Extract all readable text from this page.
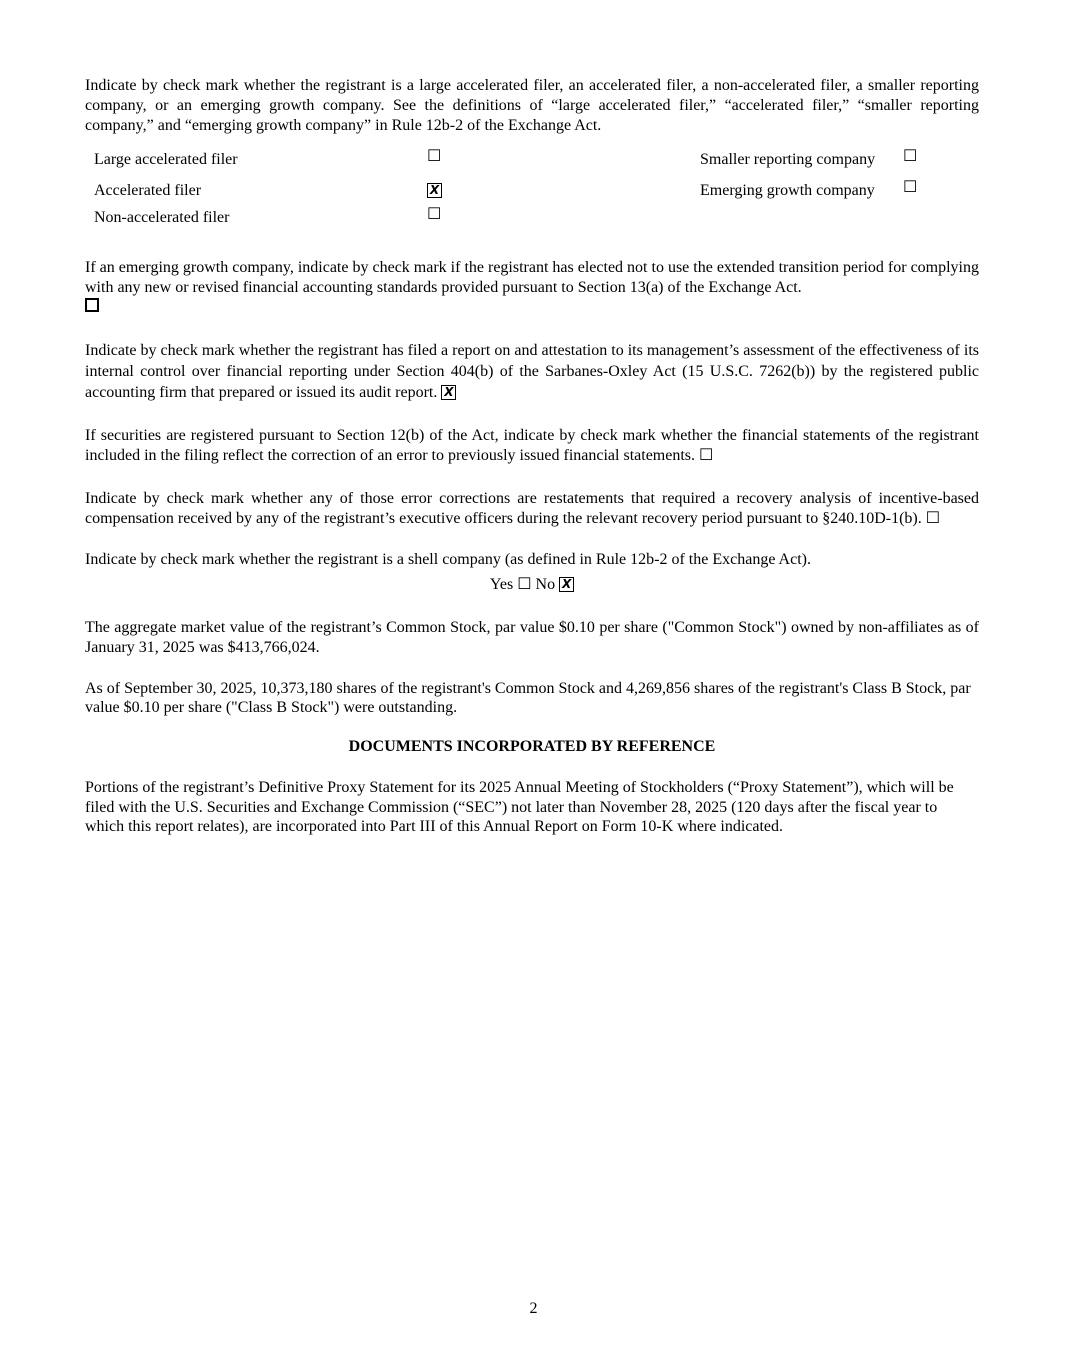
Indicate by check mark whether the registrant is a large accelerated filer, an accelerated filer, a non-accelerated filer, a smaller reporting company, or an emerging growth company. See the definitions of “large accelerated filer,” “accelerated filer,” “smaller reporting company,” and “emerging growth company” in Rule 12b-2 of the Exchange Act.

Large accelerated filer	☐	Smaller reporting company ☐
Accelerated filer	X	Emerging growth company ☐
Non-accelerated filer	☐

If an emerging growth company, indicate by check mark if the registrant has elected not to use the extended transition period for complying with any new or revised financial accounting standards provided pursuant to Section 13(a) of the Exchange Act.

Indicate by check mark whether the registrant has filed a report on and attestation to its management’s assessment of the effectiveness of its internal control over financial reporting under Section 404(b) of the Sarbanes-Oxley Act (15 U.S.C. 7262(b)) by the registered public accounting firm that prepared or issued its audit report. X

If securities are registered pursuant to Section 12(b) of the Act, indicate by check mark whether the financial statements of the registrant included in the filing reflect the correction of an error to previously issued financial statements. ☐

Indicate by check mark whether any of those error corrections are restatements that required a recovery analysis of incentive-based compensation received by any of the registrant’s executive officers during the relevant recovery period pursuant to §240.10D-1(b). ☐

Indicate by check mark whether the registrant is a shell company (as defined in Rule 12b-2 of the Exchange Act).

Yes ☐ No X

The aggregate market value of the registrant’s Common Stock, par value $0.10 per share ("Common Stock") owned by non-affiliates as of January 31, 2025 was $413,766,024.

As of September 30, 2025, 10,373,180 shares of the registrant's Common Stock and 4,269,856 shares of the registrant's Class B Stock, par value $0.10 per share ("Class B Stock") were outstanding.

DOCUMENTS INCORPORATED BY REFERENCE

Portions of the registrant’s Definitive Proxy Statement for its 2025 Annual Meeting of Stockholders (“Proxy Statement”), which will be filed with the U.S. Securities and Exchange Commission (“SEC”) not later than November 28, 2025 (120 days after the fiscal year to which this report relates), are incorporated into Part III of this Annual Report on Form 10-K where indicated.

2
